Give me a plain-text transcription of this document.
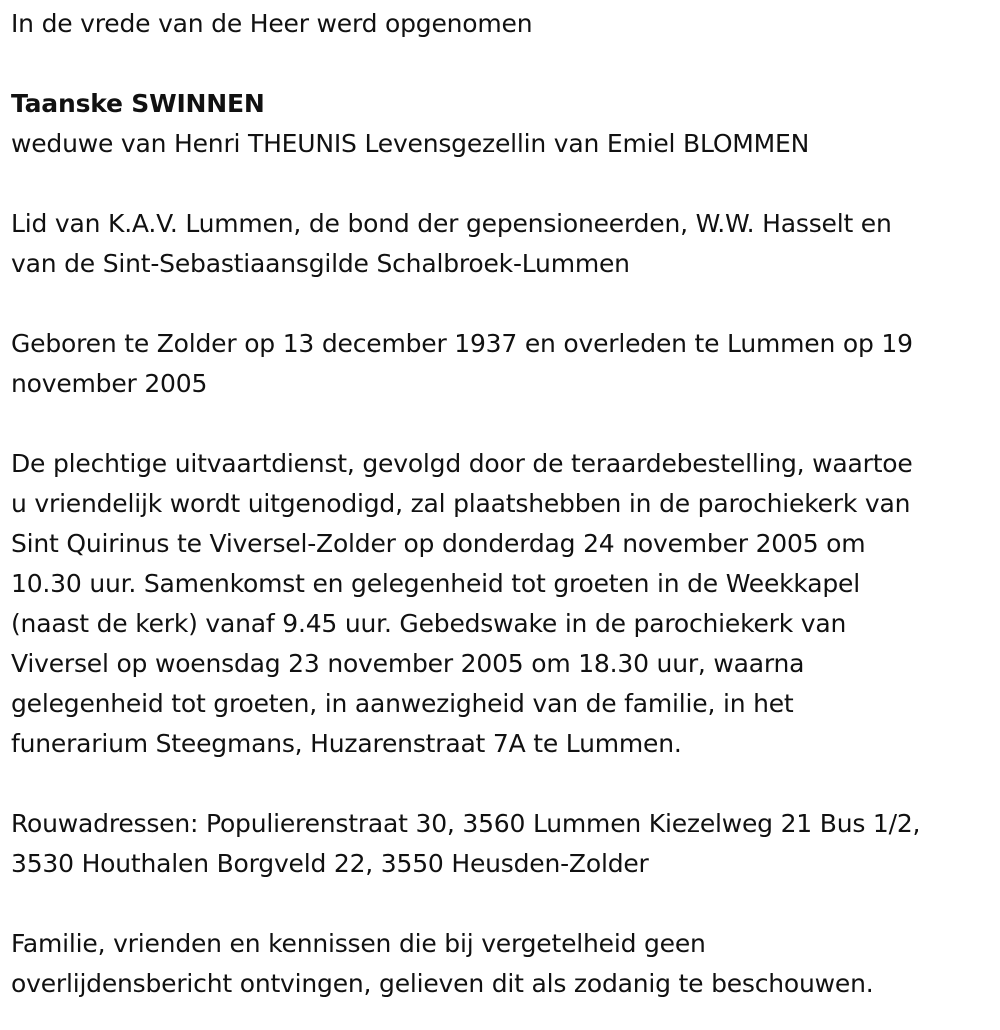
In de vrede van de Heer werd opgenomen

Taanske SWINNEN

weduwe van Henri THEUNIS Levensgezellin van Emiel BLOMMEN

Lid van K.A.V. Lummen, de bond der gepensioneerden, W.W. Hasselt en

van de Sint-Sebastiaansgilde Schalbroek-Lummen

Geboren te Zolder op 13 december 1937 en overleden te Lummen op 19

november 2005

De plechtige uitvaartdienst, gevolgd door de teraardebestelling, waartoe

u vriendelijk wordt uitgenodigd, zal plaatshebben in de parochiekerk van

Sint Quirinus te Viversel-Zolder op donderdag 24 november 2005 om

10.30 uur. Samenkomst en gelegenheid tot groeten in de Weekkapel

(naast de kerk) vanaf 9.45 uur. Gebedswake in de parochiekerk van

Viversel op woensdag 23 november 2005 om 18.30 uur, waarna

gelegenheid tot groeten, in aanwezigheid van de familie, in het

funerarium Steegmans, Huzarenstraat 7A te Lummen.

Rouwadressen: Populierenstraat 30, 3560 Lummen Kiezelweg 21 Bus 1/2,

3530 Houthalen Borgveld 22, 3550 Heusden-Zolder

Familie, vrienden en kennissen die bij vergetelheid geen

overlijdensbericht ontvingen, gelieven dit als zodanig te beschouwen.
